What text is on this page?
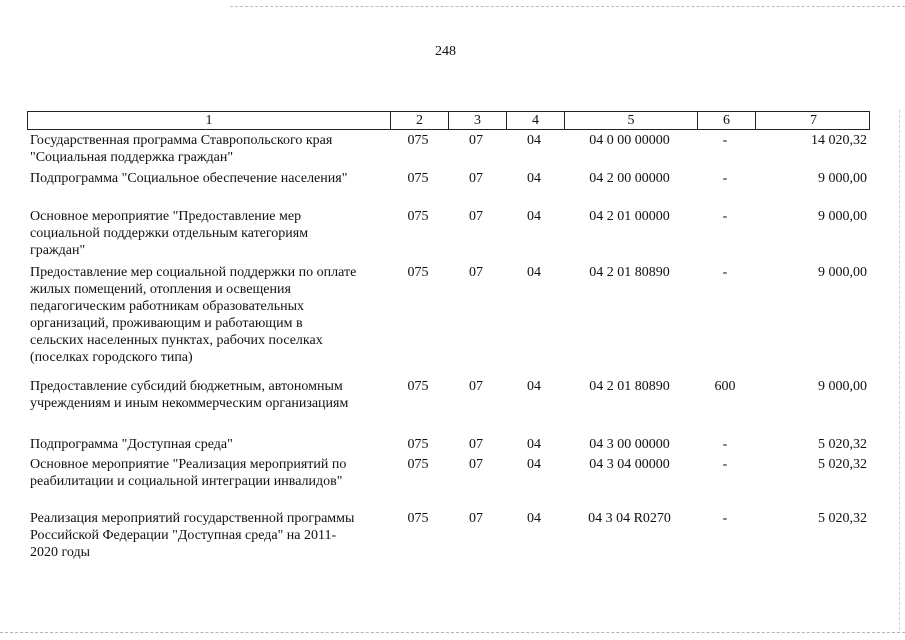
248
1	2	3	4	5	6	7
Государственная программа Ставропольского края
"Социальная поддержка граждан"
075	07	04	04 0 00 00000	-	14 020,32
Подпрограмма "Социальное обеспечение населения"	075	07	04	04 2 00 00000	-	9 000,00
Основное мероприятие "Предоставление мер
социальной поддержки отдельным категориям
граждан"
075	07	04	04 2 01 00000	-	9 000,00
Предоставление мер социальной поддержки по оплате
жилых помещений, отопления и освещения
педагогическим работникам образовательных
организаций, проживающим и работающим в
сельских населенных пунктах, рабочих поселках
(поселках городского типа)
075	07	04	04 2 01 80890	-	9 000,00
Предоставление субсидий бюджетным, автономным
учреждениям и иным некоммерческим организациям
075	07	04	04 2 01 80890	600	9 000,00
Подпрограмма "Доступная среда"	075	07	04	04 3 00 00000	-	5 020,32
Основное мероприятие "Реализация мероприятий по
реабилитации и социальной интеграции инвалидов"
075	07	04	04 3 04 00000	-	5 020,32
Реализация мероприятий государственной программы
Российской Федерации "Доступная среда" на 2011-
2020 годы
075	07	04	04 3 04 R0270	-	5 020,32
